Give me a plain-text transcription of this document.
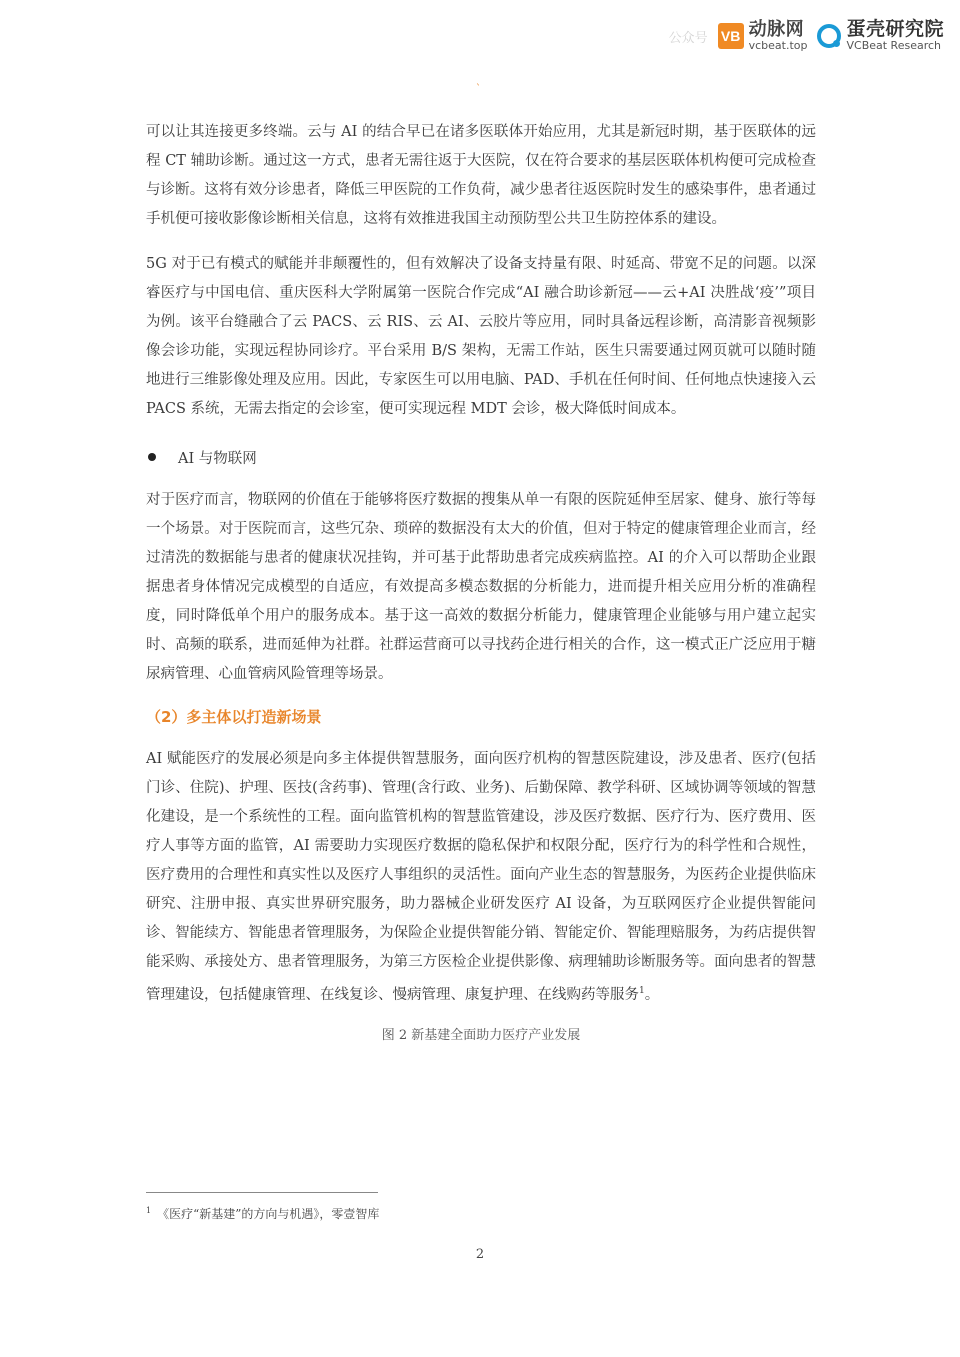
公众号 VB 动脉网
vcbeat.top
蛋壳研究院
VCBeat Research
ˋ

可以让其连接更多终端。云与 AI 的结合早已在诸多医联体开始应用，尤其是新冠时期，基于医联体的远程 CT 辅助诊断。通过这一方式，患者无需往返于大医院，仅在符合要求的基层医联体机构便可完成检查与诊断。这将有效分诊患者，降低三甲医院的工作负荷，减少患者往返医院时发生的感染事件，患者通过手机便可接收影像诊断相关信息，这将有效推进我国主动预防型公共卫生防控体系的建设。

5G 对于已有模式的赋能并非颠覆性的，但有效解决了设备支持量有限、时延高、带宽不足的问题。以深睿医疗与中国电信、重庆医科大学附属第一医院合作完成“AI 融合助诊新冠——云+AI 决胜战‘疫’”项目为例。该平台缝融合了云 PACS、云 RIS、云 AI、云胶片等应用，同时具备远程诊断，高清影音视频影像会诊功能，实现远程协同诊疗。平台采用 B/S 架构，无需工作站，医生只需要通过网页就可以随时随地进行三维影像处理及应用。因此，专家医生可以用电脑、PAD、手机在任何时间、任何地点快速接入云 PACS 系统，无需去指定的会诊室，便可实现远程 MDT 会诊，极大降低时间成本。

AI 与物联网

对于医疗而言，物联网的价值在于能够将医疗数据的搜集从单一有限的医院延伸至居家、健身、旅行等每一个场景。对于医院而言，这些冗杂、琐碎的数据没有太大的价值，但对于特定的健康管理企业而言，经过清洗的数据能与患者的健康状况挂钩，并可基于此帮助患者完成疾病监控。AI 的介入可以帮助企业跟据患者身体情况完成模型的自适应，有效提高多模态数据的分析能力，进而提升相关应用分析的准确程度，同时降低单个用户的服务成本。基于这一高效的数据分析能力，健康管理企业能够与用户建立起实时、高频的联系，进而延伸为社群。社群运营商可以寻找药企进行相关的合作，这一模式正广泛应用于糖尿病管理、心血管病风险管理等场景。

（2）多主体以打造新场景

AI 赋能医疗的发展必须是向多主体提供智慧服务，面向医疗机构的智慧医院建设，涉及患者、医疗(包括门诊、住院)、护理、医技(含药事)、管理(含行政、业务)、后勤保障、教学科研、区域协调等领域的智慧化建设，是一个系统性的工程。面向监管机构的智慧监管建设，涉及医疗数据、医疗行为、医疗费用、医疗人事等方面的监管，AI 需要助力实现医疗数据的隐私保护和权限分配，医疗行为的科学性和合规性，医疗费用的合理性和真实性以及医疗人事组织的灵活性。面向产业生态的智慧服务，为医药企业提供临床研究、注册申报、真实世界研究服务，助力器械企业研发医疗 AI 设备，为互联网医疗企业提供智能问诊、智能续方、智能患者管理服务，为保险企业提供智能分销、智能定价、智能理赔服务，为药店提供智能采购、承接处方、患者管理服务，为第三方医检企业提供影像、病理辅助诊断服务等。面向患者的智慧管理建设，包括健康管理、在线复诊、慢病管理、康复护理、在线购药等服务$^1$。

图 2 新基建全面助力医疗产业发展
$^1$ 《医疗“新基建”的方向与机遇》，零壹智库
2
